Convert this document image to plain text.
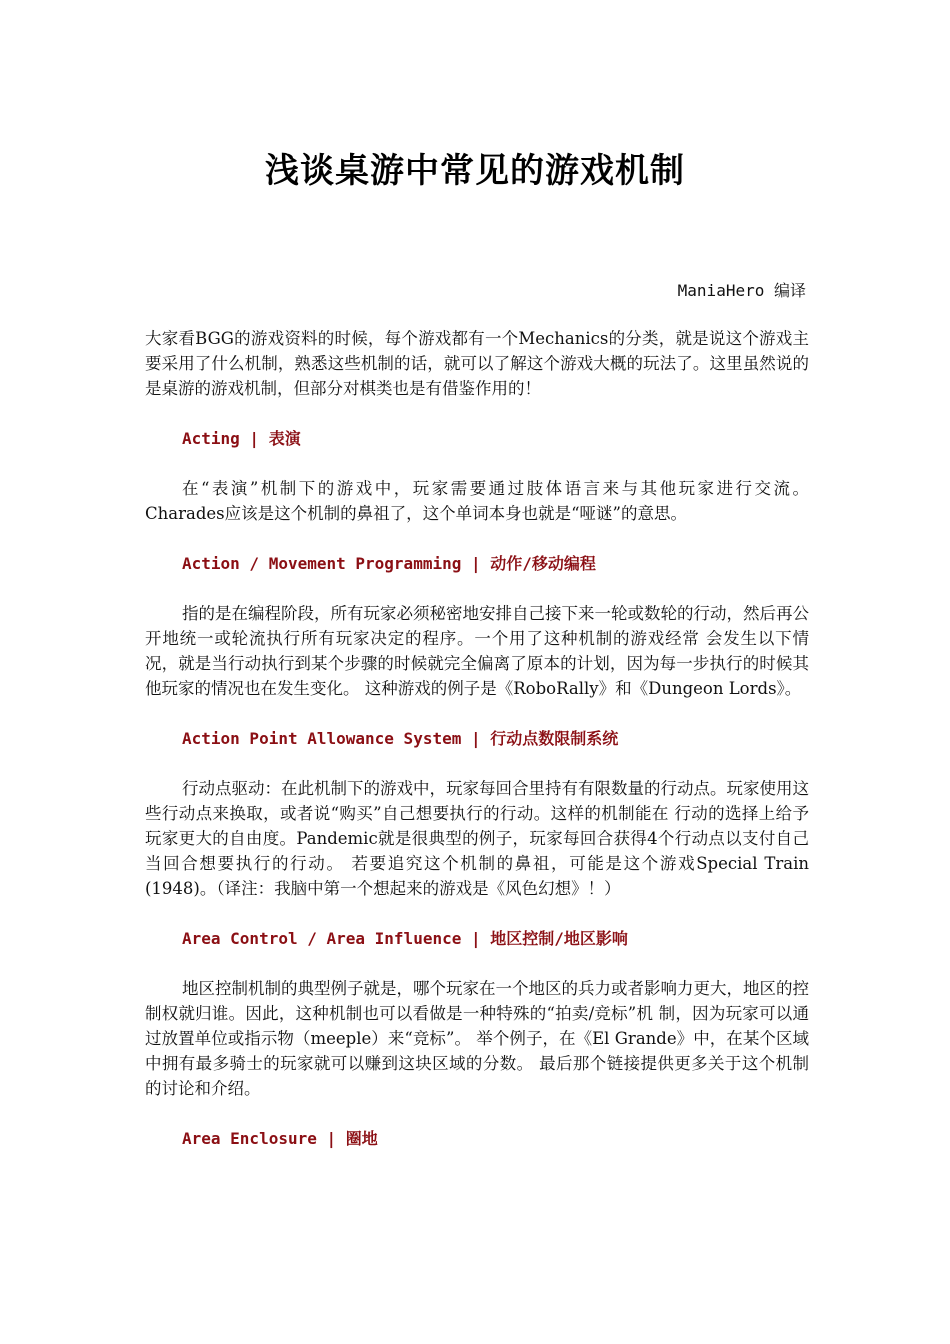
浅谈桌游中常见的游戏机制
ManiaHero 编译

大家看BGG的游戏资料的时候，每个游戏都有一个Mechanics的分类，就是说这个游戏主要采用了什么机制，熟悉这些机制的话，就可以了解这个游戏大概的玩法了。这里虽然说的是桌游的游戏机制，但部分对棋类也是有借鉴作用的！

Acting | 表演

在“表演”机制下的游戏中，玩家需要通过肢体语言来与其他玩家进行交流。 Charades应该是这个机制的鼻祖了，这个单词本身也就是“哑谜”的意思。

Action / Movement Programming | 动作/移动编程

指的是在编程阶段，所有玩家必须秘密地安排自己接下来一轮或数轮的行动，然后再公开地统一或轮流执行所有玩家决定的程序。一个用了这种机制的游戏经常 会发生以下情况，就是当行动执行到某个步骤的时候就完全偏离了原本的计划，因为每一步执行的时候其他玩家的情况也在发生变化。 这种游戏的例子是《RoboRally》和《Dungeon Lords》。

Action Point Allowance System | 行动点数限制系统

行动点驱动：在此机制下的游戏中，玩家每回合里持有有限数量的行动点。玩家使用这些行动点来换取，或者说“购买”自己想要执行的行动。这样的机制能在 行动的选择上给予玩家更大的自由度。Pandemic就是很典型的例子，玩家每回合获得4个行动点以支付自己当回合想要执行的行动。 若要追究这个机制的鼻祖，可能是这个游戏Special Train (1948)。（译注：我脑中第一个想起来的游戏是《风色幻想》！）

Area Control / Area Influence | 地区控制/地区影响

地区控制机制的典型例子就是，哪个玩家在一个地区的兵力或者影响力更大，地区的控制权就归谁。因此，这种机制也可以看做是一种特殊的“拍卖/竞标”机 制，因为玩家可以通过放置单位或指示物（meeple）来“竞标”。 举个例子，在《El Grande》中，在某个区域中拥有最多骑士的玩家就可以赚到这块区域的分数。 最后那个链接提供更多关于这个机制的讨论和介绍。

Area Enclosure | 圈地
